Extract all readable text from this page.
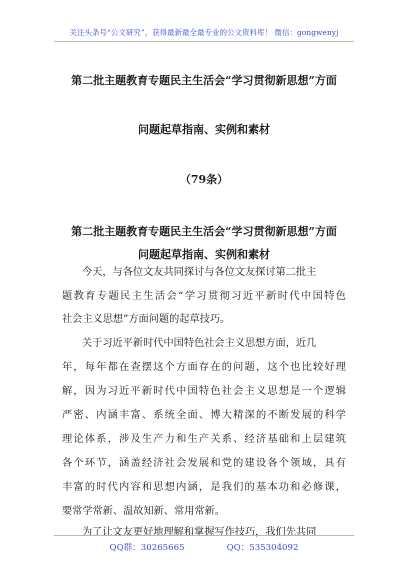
关注头条号“公文研究”，获得最新最全最专业的公文资料库！ 微信：gongwenyj
第二批主题教育专题民主生活会“学习贯彻新思想”方面
问题起草指南、实例和素材
（79条）
第二批主题教育专题民主生活会“学习贯彻新思想”方面
问题起草指南、实例和素材
今天，与各位文友共同探讨与各位文友探讨第二批主
题教育专题民主生活会“学习贯彻习近平新时代中国特色
社会主义思想”方面问题的起草技巧。
关于习近平新时代中国特色社会主义思想方面，近几
年，每年都在查摆这个方面存在的问题，这个也比较好理
解，因为习近平新时代中国特色社会主义思想是一个逻辑
严密、内涵丰富、系统全面、博大精深的不断发展的科学
理论体系，涉及生产力和生产关系、经济基础和上层建筑
各个环节，涵盖经济社会发展和党的建设各个领域，具有
丰富的时代内容和思想内涵，是我们的基本功和必修课，
要常学常新、温故知新、常用常新。
为了让文友更好地理解和掌握写作技巧，我们先共同
QQ群：30265665	QQ：535304092
